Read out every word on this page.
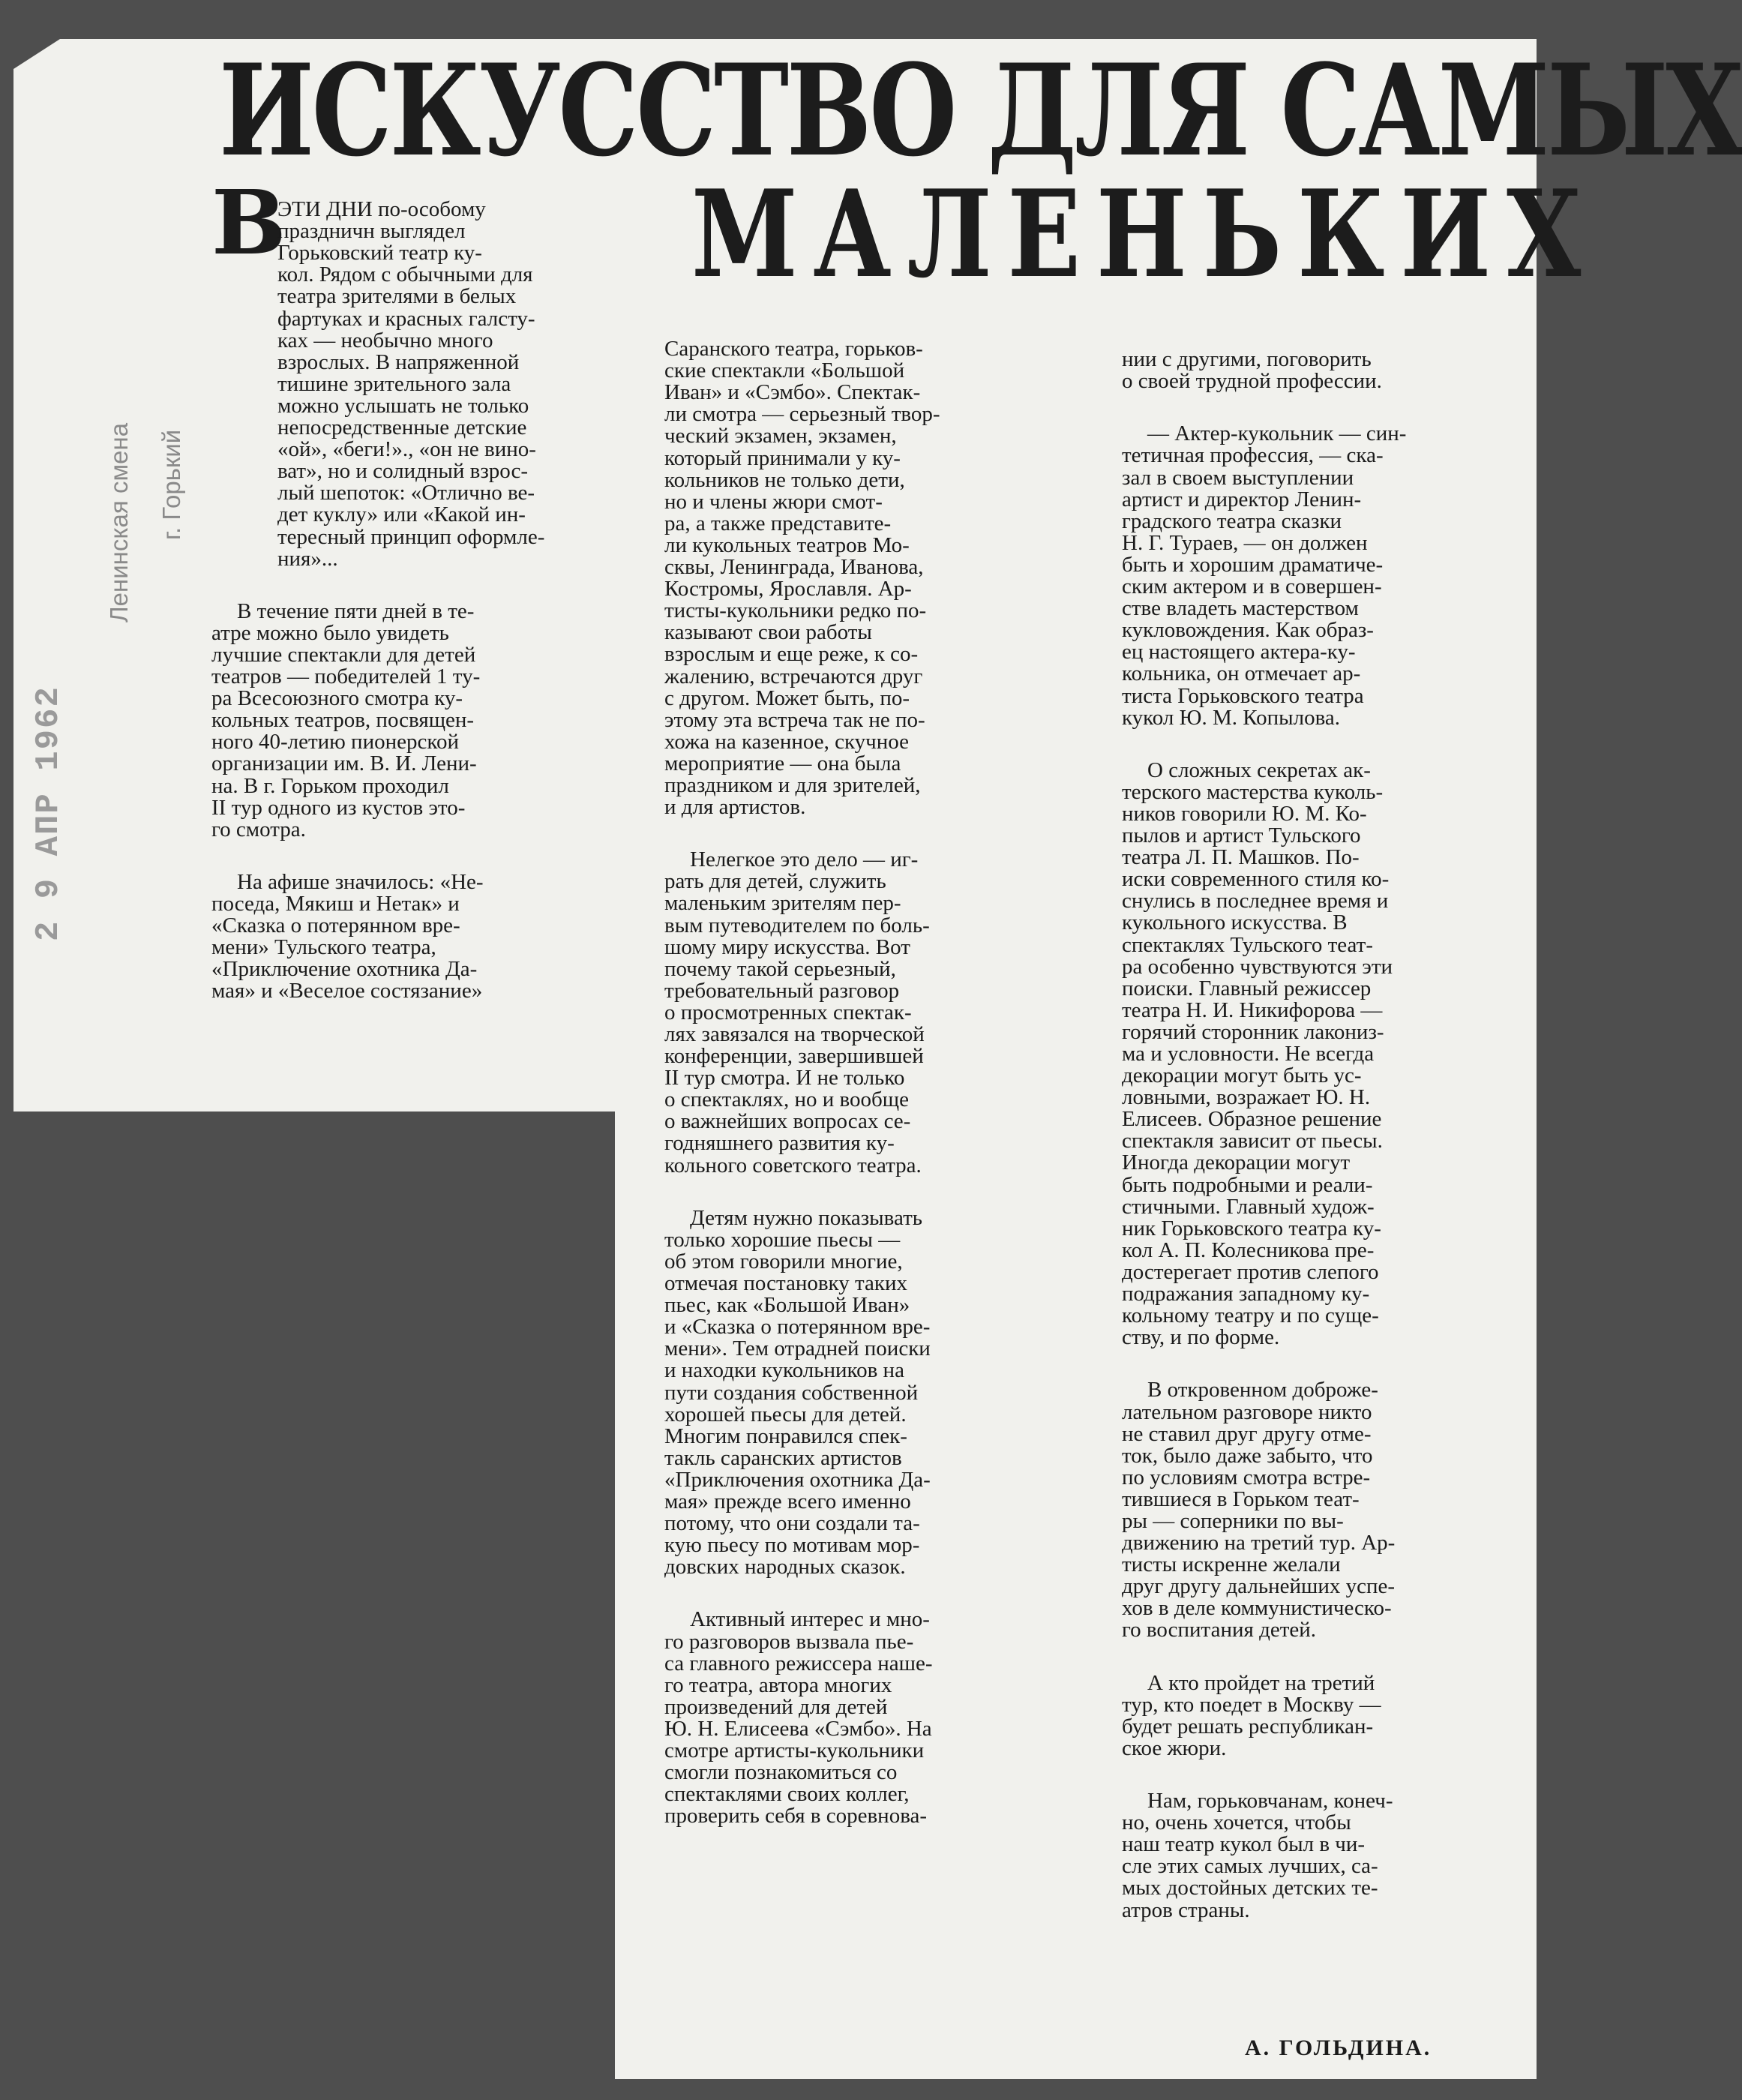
ИСКУССТВО ДЛЯ САМЫХ
МАЛЕНЬКИХ
Ленинская смена г. Горький
2 9 АПР 1962
В

ЭТИ ДНИ по-особому
праздничн выглядел
Горьковский театр ку-
кол. Рядом с обычными для
театра зрителями в белых
фартуках и красных галсту-
ках — необычно много
взрослых. В напряженной
тишине зрительного зала
можно услышать не только
непосредственные детские
«ой», «беги!»., «он не вино-
ват», но и солидный взрос-
лый шепоток: «Отлично ве-
дет куклу» или «Какой ин-
тересный принцип оформле-
ния»...

В течение пяти дней в те-
атре можно было увидеть
лучшие спектакли для детей
театров — победителей 1 ту-
ра Всесоюзного смотра ку-
кольных театров, посвящен-
ного 40-летию пионерской
организации им. В. И. Лени-
на. В г. Горьком проходил
II тур одного из кустов это-
го смотра.

На афише значилось: «Не-
поседа, Мякиш и Нетак» и
«Сказка о потерянном вре-
мени» Тульского театра,
«Приключение охотника Да-
мая» и «Веселое состязание»

Саранского театра, горьков-
ские спектакли «Большой
Иван» и «Сэмбо». Спектак-
ли смотра — серьезный твор-
ческий экзамен, экзамен,
который принимали у ку-
кольников не только дети,
но и члены жюри смот-
ра, а также представите-
ли кукольных театров Мо-
сквы, Ленинграда, Иванова,
Костромы, Ярославля. Ар-
тисты-кукольники редко по-
казывают свои работы
взрослым и еще реже, к со-
жалению, встречаются друг
с другом. Может быть, по-
этому эта встреча так не по-
хожа на казенное, скучное
мероприятие — она была
праздником и для зрителей,
и для артистов.

Нелегкое это дело — иг-
рать для детей, служить
маленьким зрителям пер-
вым путеводителем по боль-
шому миру искусства. Вот
почему такой серьезный,
требовательный разговор
о просмотренных спектак-
лях завязался на творческой
конференции, завершившей
II тур смотра. И не только
о спектаклях, но и вообще
о важнейших вопросах се-
годняшнего развития ку-
кольного советского театра.

Детям нужно показывать
только хорошие пьесы —
об этом говорили многие,
отмечая постановку таких
пьес, как «Большой Иван»
и «Сказка о потерянном вре-
мени». Тем отрадней поиски
и находки кукольников на
пути создания собственной
хорошей пьесы для детей.
Многим понравился спек-
такль саранских артистов
«Приключения охотника Да-
мая» прежде всего именно
потому, что они создали та-
кую пьесу по мотивам мор-
довских народных сказок.

Активный интерес и мно-
го разговоров вызвала пье-
са главного режиссера наше-
го театра, автора многих
произведений для детей
Ю. Н. Елисеева «Сэмбо». На
смотре артисты-кукольники
смогли познакомиться со
спектаклями своих коллег,
проверить себя в соревнова-

нии с другими, поговорить
о своей трудной профессии.

— Актер-кукольник — син-
тетичная профессия, — ска-
зал в своем выступлении
артист и директор Ленин-
градского театра сказки
Н. Г. Тураев, — он должен
быть и хорошим драматиче-
ским актером и в совершен-
стве владеть мастерством
кукловождения. Как образ-
ец настоящего актера-ку-
кольника, он отмечает ар-
тиста Горьковского театра
кукол Ю. М. Копылова.

О сложных секретах ак-
терского мастерства куколь-
ников говорили Ю. М. Ко-
пылов и артист Тульского
театра Л. П. Машков. По-
иски современного стиля ко-
снулись в последнее время и
кукольного искусства. В
спектаклях Тульского теат-
ра особенно чувствуются эти
поиски. Главный режиссер
театра Н. И. Никифорова —
горячий сторонник лакониз-
ма и условности. Не всегда
декорации могут быть ус-
ловными, возражает Ю. Н.
Елисеев. Образное решение
спектакля зависит от пьесы.
Иногда декорации могут
быть подробными и реали-
стичными. Главный худож-
ник Горьковского театра ку-
кол А. П. Колесникова пре-
достерегает против слепого
подражания западному ку-
кольному театру и по суще-
ству, и по форме.

В откровенном доброже-
лательном разговоре никто
не ставил друг другу отме-
ток, было даже забыто, что
по условиям смотра встре-
тившиеся в Горьком теат-
ры — соперники по вы-
движению на третий тур. Ар-
тисты искренне желали
друг другу дальнейших успе-
хов в деле коммунистическо-
го воспитания детей.

А кто пройдет на третий
тур, кто поедет в Москву —
будет решать республикан-
ское жюри.

Нам, горьковчанам, конеч-
но, очень хочется, чтобы
наш театр кукол был в чи-
сле этих самых лучших, са-
мых достойных детских те-
атров страны.

А. ГОЛЬДИНА.
